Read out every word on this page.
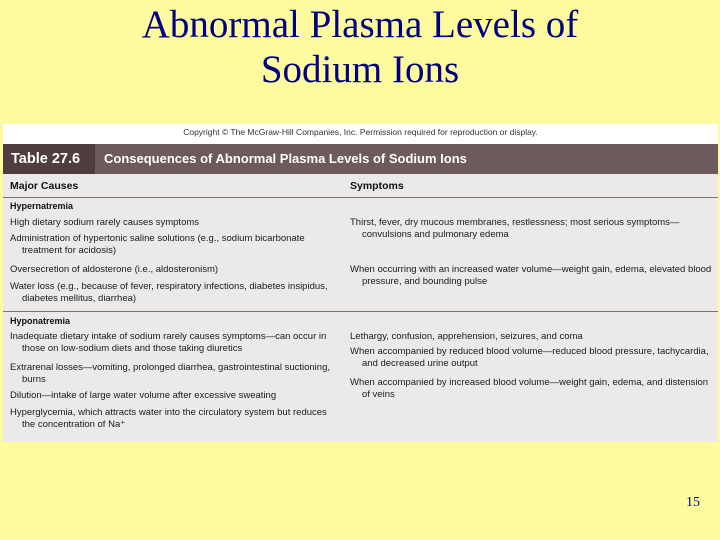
Abnormal Plasma Levels of
Sodium Ions
Copyright © The McGraw-Hill Companies, Inc. Permission required for reproduction or display.
Table 27.6	Consequences of Abnormal Plasma Levels of Sodium Ions
Major Causes	Symptoms
Hypernatremia
High dietary sodium rarely causes symptoms
Administration of hypertonic saline solutions (e.g., sodium bicarbonate treatment for acidosis)
Oversecretion of aldosterone (i.e., aldosteronism)
Water loss (e.g., because of fever, respiratory infections, diabetes insipidus, diabetes mellitus, diarrhea)
Thirst, fever, dry mucous membranes, restlessness; most serious symptoms—convulsions and pulmonary edema
When occurring with an increased water volume—weight gain, edema, elevated blood pressure, and bounding pulse
Hyponatremia
Inadequate dietary intake of sodium rarely causes symptoms—can occur in those on low-sodium diets and those taking diuretics
Extrarenal losses—vomiting, prolonged diarrhea, gastrointestinal suctioning, burns
Dilution—intake of large water volume after excessive sweating
Hyperglycemia, which attracts water into the circulatory system but reduces the concentration of Na⁺
Lethargy, confusion, apprehension, seizures, and coma
When accompanied by reduced blood volume—reduced blood pressure, tachycardia, and decreased urine output
When accompanied by increased blood volume—weight gain, edema, and distension of veins
15
